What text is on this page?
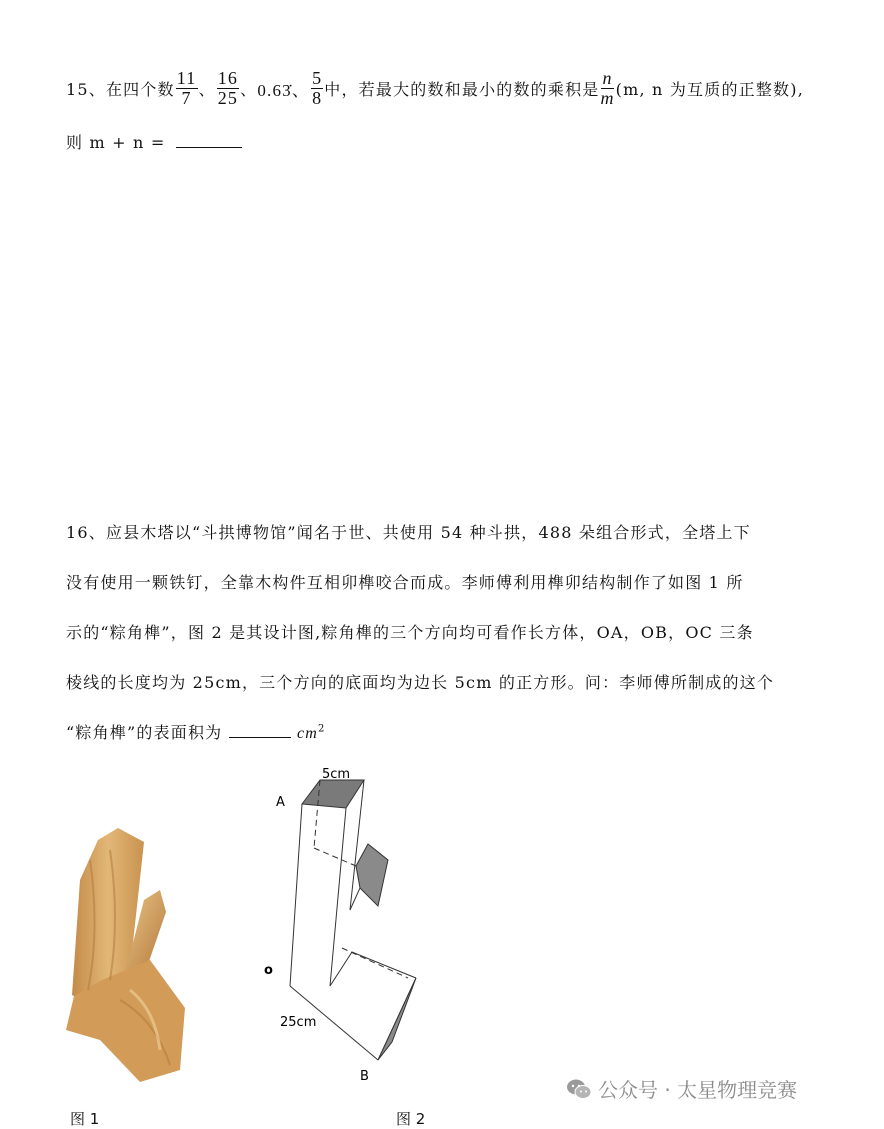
15、在四个数 $\frac{11}{7}$ 、 $\frac{16}{25}$ 、 0.63̇、 $\frac{5}{8}$ 中，若最大的数和最小的数的乘积是 $\frac{n}{m} (m$, n 为互质的正整数),
则 m + n =
16、应县木塔以“斗拱博物馆”闻名于世、共使用 54 种斗拱，488 朵组合形式，全塔上下
没有使用一颗铁钉，全靠木构件互相卯榫咬合而成。李师傅利用榫卯结构制作了如图 1 所
示的“粽角榫”，图 2 是其设计图,粽角榫的三个方向均可看作长方体，OA，OB，OC 三条
棱线的长度均为 25cm，三个方向的底面均为边长 5cm 的正方形。问：李师傅所制成的这个
“粽角榫”的表面积为	$cm^2$
5cm
A
o
25cm
B
图 1	图 2
公众号 · 太星物理竞赛
